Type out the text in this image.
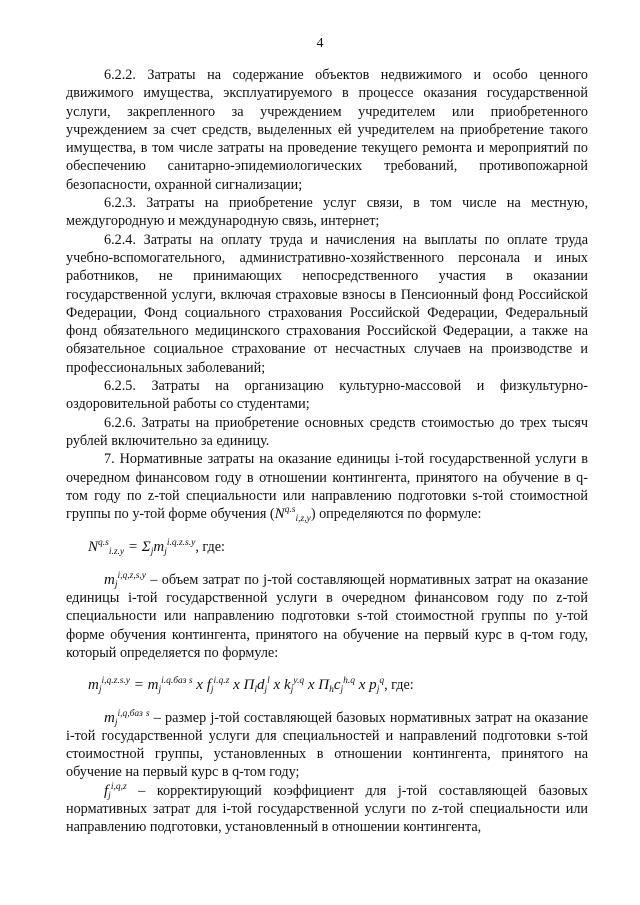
4

6.2.2. Затраты на содержание объектов недвижимого и особо ценного движимого имущества, эксплуатируемого в процессе оказания государственной услуги, закрепленного за учреждением учредителем или приобретенного учреждением за счет средств, выделенных ей учредителем на приобретение такого имущества, в том числе затраты на проведение текущего ремонта и мероприятий по обеспечению санитарно-эпидемиологических требований, противопожарной безопасности, охранной сигнализации;

6.2.3. Затраты на приобретение услуг связи, в том числе на местную, междугородную и международную связь, интернет;

6.2.4. Затраты на оплату труда и начисления на выплаты по оплате труда учебно-вспомогательного, административно-хозяйственного персонала и иных работников, не принимающих непосредственного участия в оказании государственной услуги, включая страховые взносы в Пенсионный фонд Российской Федерации, Фонд социального страхования Российской Федерации, Федеральный фонд обязательного медицинского страхования Российской Федерации, а также на обязательное социальное страхование от несчастных случаев на производстве и профессиональных заболеваний;

6.2.5. Затраты на организацию культурно-массовой и физкультурно-оздоровительной работы со студентами;

6.2.6. Затраты на приобретение основных средств стоимостью до трех тысяч рублей включительно за единицу.

7. Нормативные затраты на оказание единицы i-той государственной услуги в очередном финансовом году в отношении контингента, принятого на обучение в q-том году по z-той специальности или направлению подготовки s-той стоимостной группы по y-той форме обучения $(N^{q.s}_{i,z,y})$ определяются по формуле:

$N^{q.s}_{i.z.y} = \Sigma_jm_j^{i.q.z.s.y}$, где:

$m_j^{i,q,z,s,y}$ – объем затрат по j-той составляющей нормативных затрат на оказание единицы i-той государственной услуги в очередном финансовом году по z-той специальности или направлению подготовки s-той стоимостной группы по y-той форме обучения контингента, принятого на обучение на первый курс в q-том году, который определяется по формуле:

$m_j^{i,q.z.s.y} = m_j^{i.q.баз s}$ x $f_j^{i.q.z}$ x $\Pi_ld_j^l$ x $k_j^{y.q}$ x $\Pi_hc_j^{h.q}$ x $p_j^q$, где:

$m_j^{i,q,баз s}$ – размер j-той составляющей базовых нормативных затрат на оказание i-той государственной услуги для специальностей и направлений подготовки s-той стоимостной группы, установленных в отношении контингента, принятого на обучение на первый курс в q-том году;

$f_j^{i,q,z}$ – корректирующий коэффициент для j-той составляющей базовых нормативных затрат для i-той государственной услуги по z-той специальности или направлению подготовки, установленный в отношении контингента,
